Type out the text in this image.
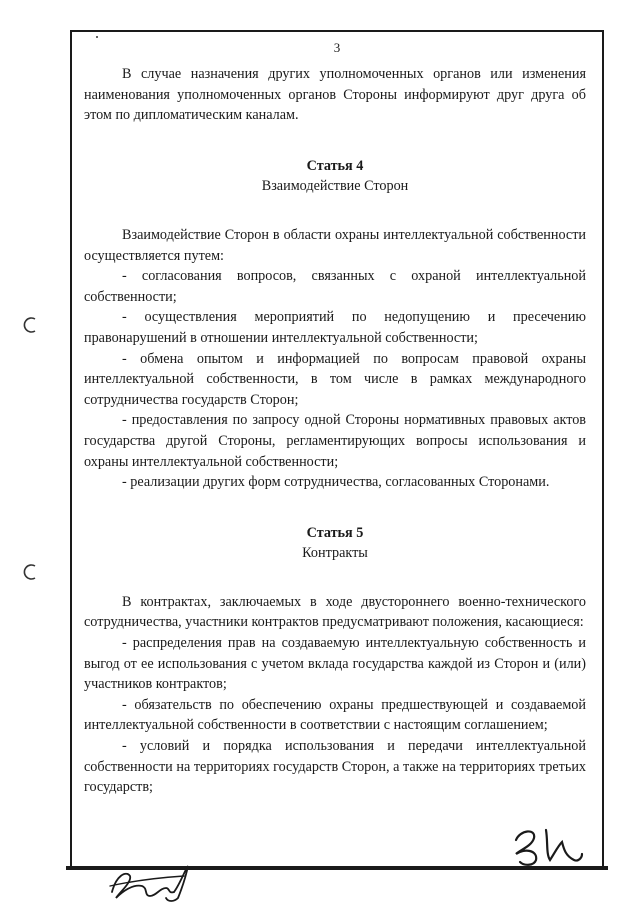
3

В случае назначения других уполномоченных органов или изменения наименования уполномоченных органов Стороны информируют друг друга об этом по дипломатическим каналам.

Статья 4

Взаимодействие Сторон

Взаимодействие Сторон в области охраны интеллектуальной собственности осуществляется путем:

- согласования вопросов, связанных с охраной интеллектуальной собственности;

- осуществления мероприятий по недопущению и пресечению правонарушений в отношении интеллектуальной собственности;

- обмена опытом и информацией по вопросам правовой охраны интеллектуальной собственности, в том числе в рамках международного сотрудничества государств Сторон;

- предоставления по запросу одной Стороны нормативных правовых актов государства другой Стороны, регламентирующих вопросы использования и охраны интеллектуальной собственности;

- реализации других форм сотрудничества, согласованных Сторонами.

Статья 5

Контракты

В контрактах, заключаемых в ходе двустороннего военно-технического сотрудничества, участники контрактов предусматривают положения, касающиеся:

- распределения прав на создаваемую интеллектуальную собственность и выгод от ее использования с учетом вклада государства каждой из Сторон и (или) участников контрактов;

- обязательств по обеспечению охраны предшествующей и создаваемой интеллектуальной собственности в соответствии с настоящим соглашением;

- условий и порядка использования и передачи интеллектуальной собственности на территориях государств Сторон, а также на территориях третьих государств;
